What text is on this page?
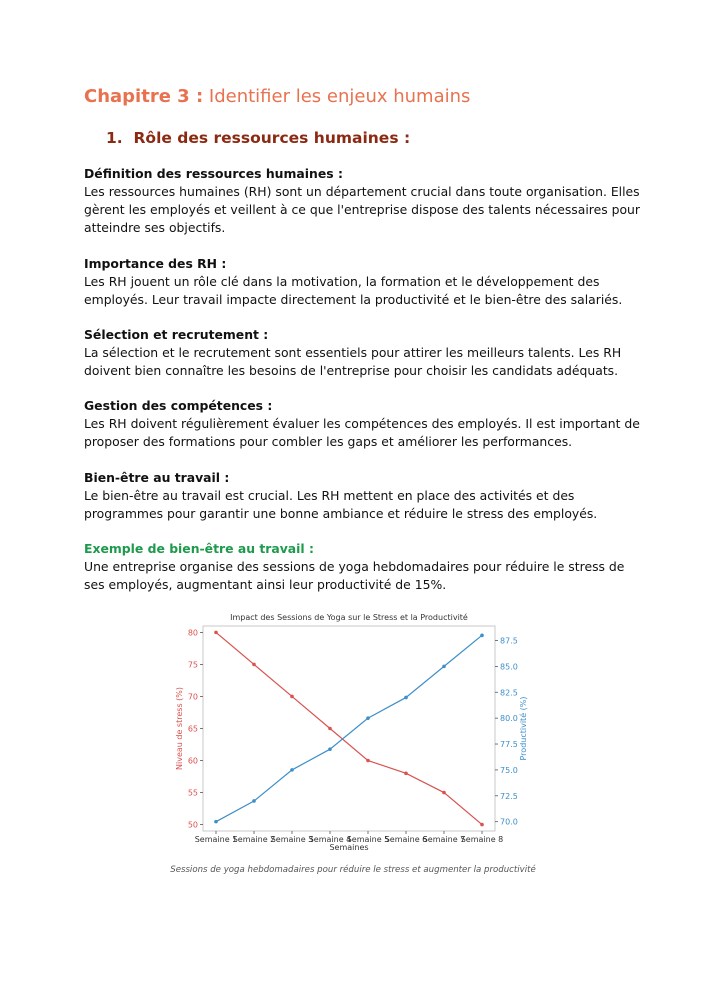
Chapitre 3 : Identifier les enjeux humains
1. Rôle des ressources humaines :
Définition des ressources humaines :
Les ressources humaines (RH) sont un département crucial dans toute organisation. Elles
gèrent les employés et veillent à ce que l'entreprise dispose des talents nécessaires pour
atteindre ses objectifs.
Importance des RH :
Les RH jouent un rôle clé dans la motivation, la formation et le développement des
employés. Leur travail impacte directement la productivité et le bien-être des salariés.
Sélection et recrutement :
La sélection et le recrutement sont essentiels pour attirer les meilleurs talents. Les RH
doivent bien connaître les besoins de l'entreprise pour choisir les candidats adéquats.
Gestion des compétences :
Les RH doivent régulièrement évaluer les compétences des employés. Il est important de
proposer des formations pour combler les gaps et améliorer les performances.
Bien-être au travail :
Le bien-être au travail est crucial. Les RH mettent en place des activités et des
programmes pour garantir une bonne ambiance et réduire le stress des employés.
Exemple de bien-être au travail :
Une entreprise organise des sessions de yoga hebdomadaires pour réduire le stress de
ses employés, augmentant ainsi leur productivité de 15%.
Impact des Sessions de Yoga sur le Stress et la Productivité
50
55
60
65
70
75
80
70.0
72.5
75.0
77.5
80.0
82.5
85.0
87.5
Semaine 1
Semaine 2
Semaine 3
Semaine 4
Semaine 5
Semaine 6
Semaine 7
Semaine 8
Semaines
Niveau de stress (%)	Productivité (%)
Sessions de yoga hebdomadaires pour réduire le stress et augmenter la productivité
